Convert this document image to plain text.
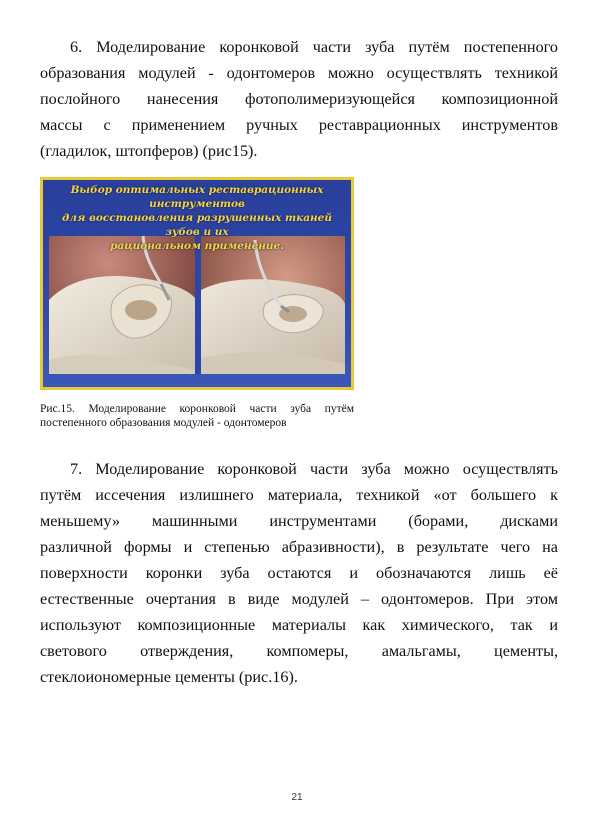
6. Моделирование коронковой части зуба путём постепенного
образования модулей - одонтомеров можно осуществлять техникой
послойного нанесения фотополимеризующейся композиционной
массы с применением ручных реставрационных инструментов
(гладилок, штопферов) (рис15).
Выбор оптимальных реставрационных инструментов
для восстановления разрушенных тканей зубов и их
рациональном применение.
Рис.15. Моделирование коронковой части зуба путём
постепенного образования модулей - одонтомеров
7. Моделирование коронковой части зуба можно осуществлять
путём иссечения излишнего материала, техникой «от большего к
меньшему» машинными инструментами (борами, дисками
различной формы и степенью абразивности), в результате чего на
поверхности коронки зуба остаются и обозначаются лишь её
естественные очертания в виде модулей – одонтомеров. При этом
используют композиционные материалы как химического, так и
светового отверждения, компомеры, амальгамы, цементы,
стеклоиономерные цементы (рис.16).
21
